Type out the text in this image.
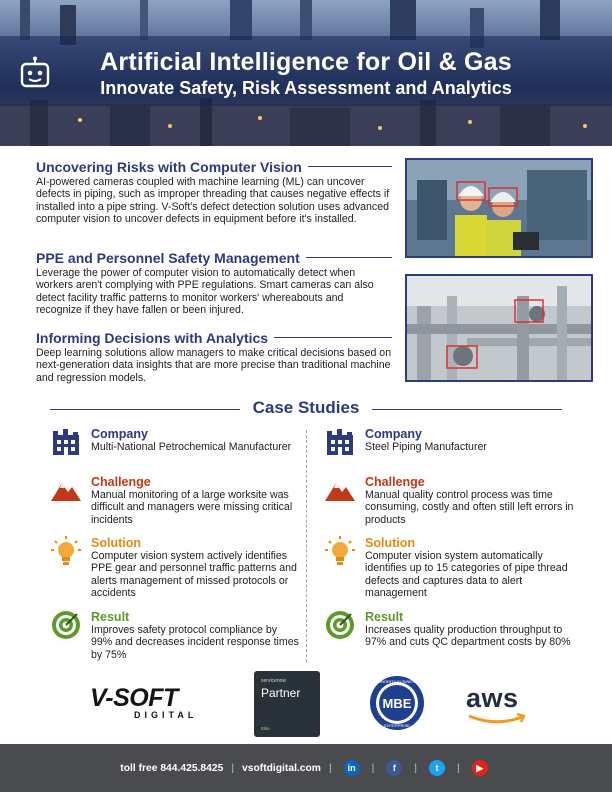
Artificial Intelligence for Oil & Gas
Innovate Safety, Risk Assessment and Analytics
Uncovering Risks with Computer Vision
AI-powered cameras coupled with machine learning (ML) can uncover defects in piping, such as improper threading that causes negative effects if installed into a pipe string. V-Soft's defect detection solution uses advanced computer vision to uncover defects in equipment before it's installed.
PPE and Personnel Safety Management
Leverage the power of computer vision to automatically detect when workers aren't complying with PPE regulations. Smart cameras can also detect facility traffic patterns to monitor workers' whereabouts and recognize if they have fallen or been injured.
Informing Decisions with Analytics
Deep learning solutions allow managers to make critical decisions based on next-generation data insights that are more precise than traditional machine and regression models.
Case Studies
Company
Multi-National Petrochemical Manufacturer
Challenge
Manual monitoring of a large worksite was difficult and managers were missing critical incidents
Solution
Computer vision system actively identifies PPE gear and personnel traffic patterns and alerts management of missed protocols or accidents
Result
Improves safety protocol compliance by 99% and decreases incident response times by 75%
Company
Steel Piping Manufacturer
Challenge
Manual quality control process was time consuming, costly and often still left errors in products
Solution
Computer vision system automatically identifies up to 15 categories of pipe thread defects and captures data to alert management
Result
Increases quality production throughput to 97% and cuts QC department costs by 80%
V-SOFT
DIGITAL
servicenow
Partner
Elite
MINORITY BUSINESS
MBE
ENTERPRISE
aws
toll free 844.425.8425 | vsoftdigital.com |	in	|	f	|	t	|	▶
